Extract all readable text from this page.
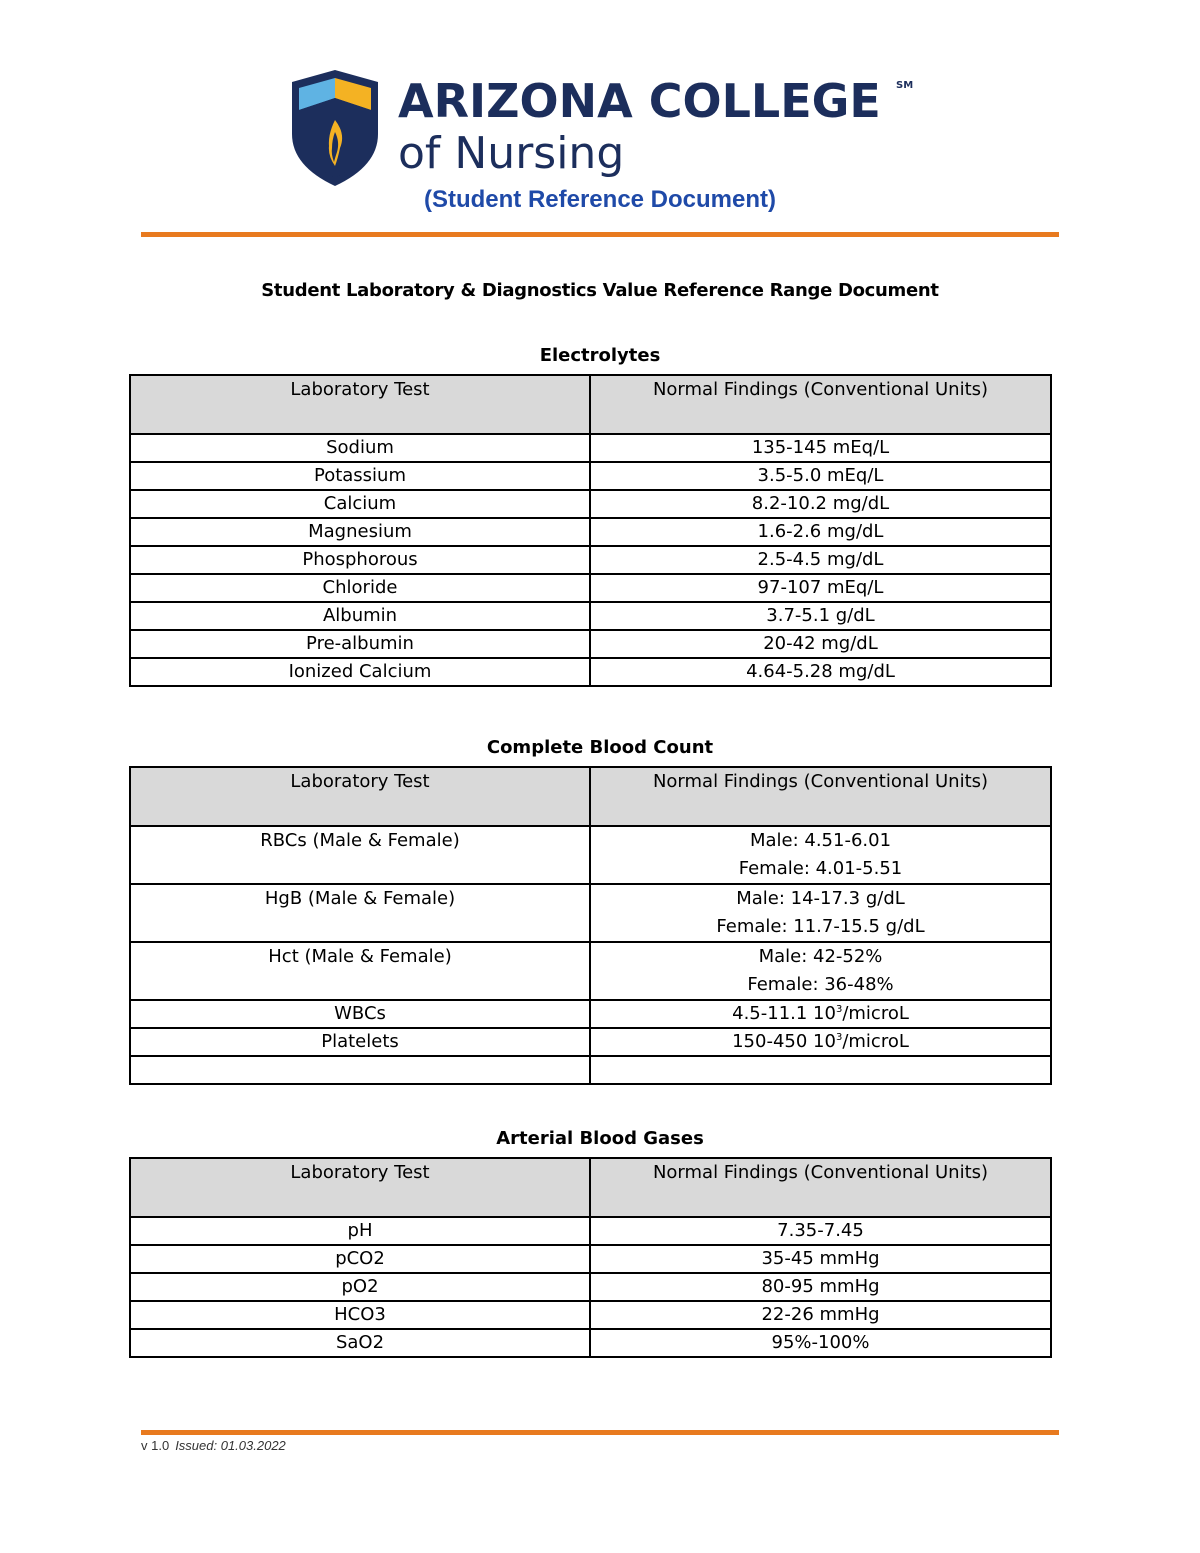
ARIZONA COLLEGE SM
of Nursing
(Student Reference Document)
Student Laboratory & Diagnostics Value Reference Range Document
Electrolytes
Laboratory Test	Normal Findings (Conventional Units)
Sodium	135-145 mEq/L
Potassium	3.5-5.0 mEq/L
Calcium	8.2-10.2 mg/dL
Magnesium	1.6-2.6 mg/dL
Phosphorous	2.5-4.5 mg/dL
Chloride	97-107 mEq/L
Albumin	3.7-5.1 g/dL
Pre-albumin	20-42 mg/dL
Ionized Calcium	4.64-5.28 mg/dL
Complete Blood Count
Laboratory Test	Normal Findings (Conventional Units)
RBCs (Male & Female)	Male: 4.51-6.01
Female: 4.01-5.51
HgB (Male & Female)	Male: 14-17.3 g/dL
Female: 11.7-15.5 g/dL
Hct (Male & Female)	Male: 42-52%
Female: 36-48%
WBCs	4.5-11.1 $10^3$/microL
Platelets	150-450 $10^3$/microL

Arterial Blood Gases
Laboratory Test	Normal Findings (Conventional Units)
pH	7.35-7.45
pCO2	35-45 mmHg
pO2	80-95 mmHg
HCO3	22-26 mmHg
SaO2	95%-100%
v 1.0 Issued: 01.03.2022
